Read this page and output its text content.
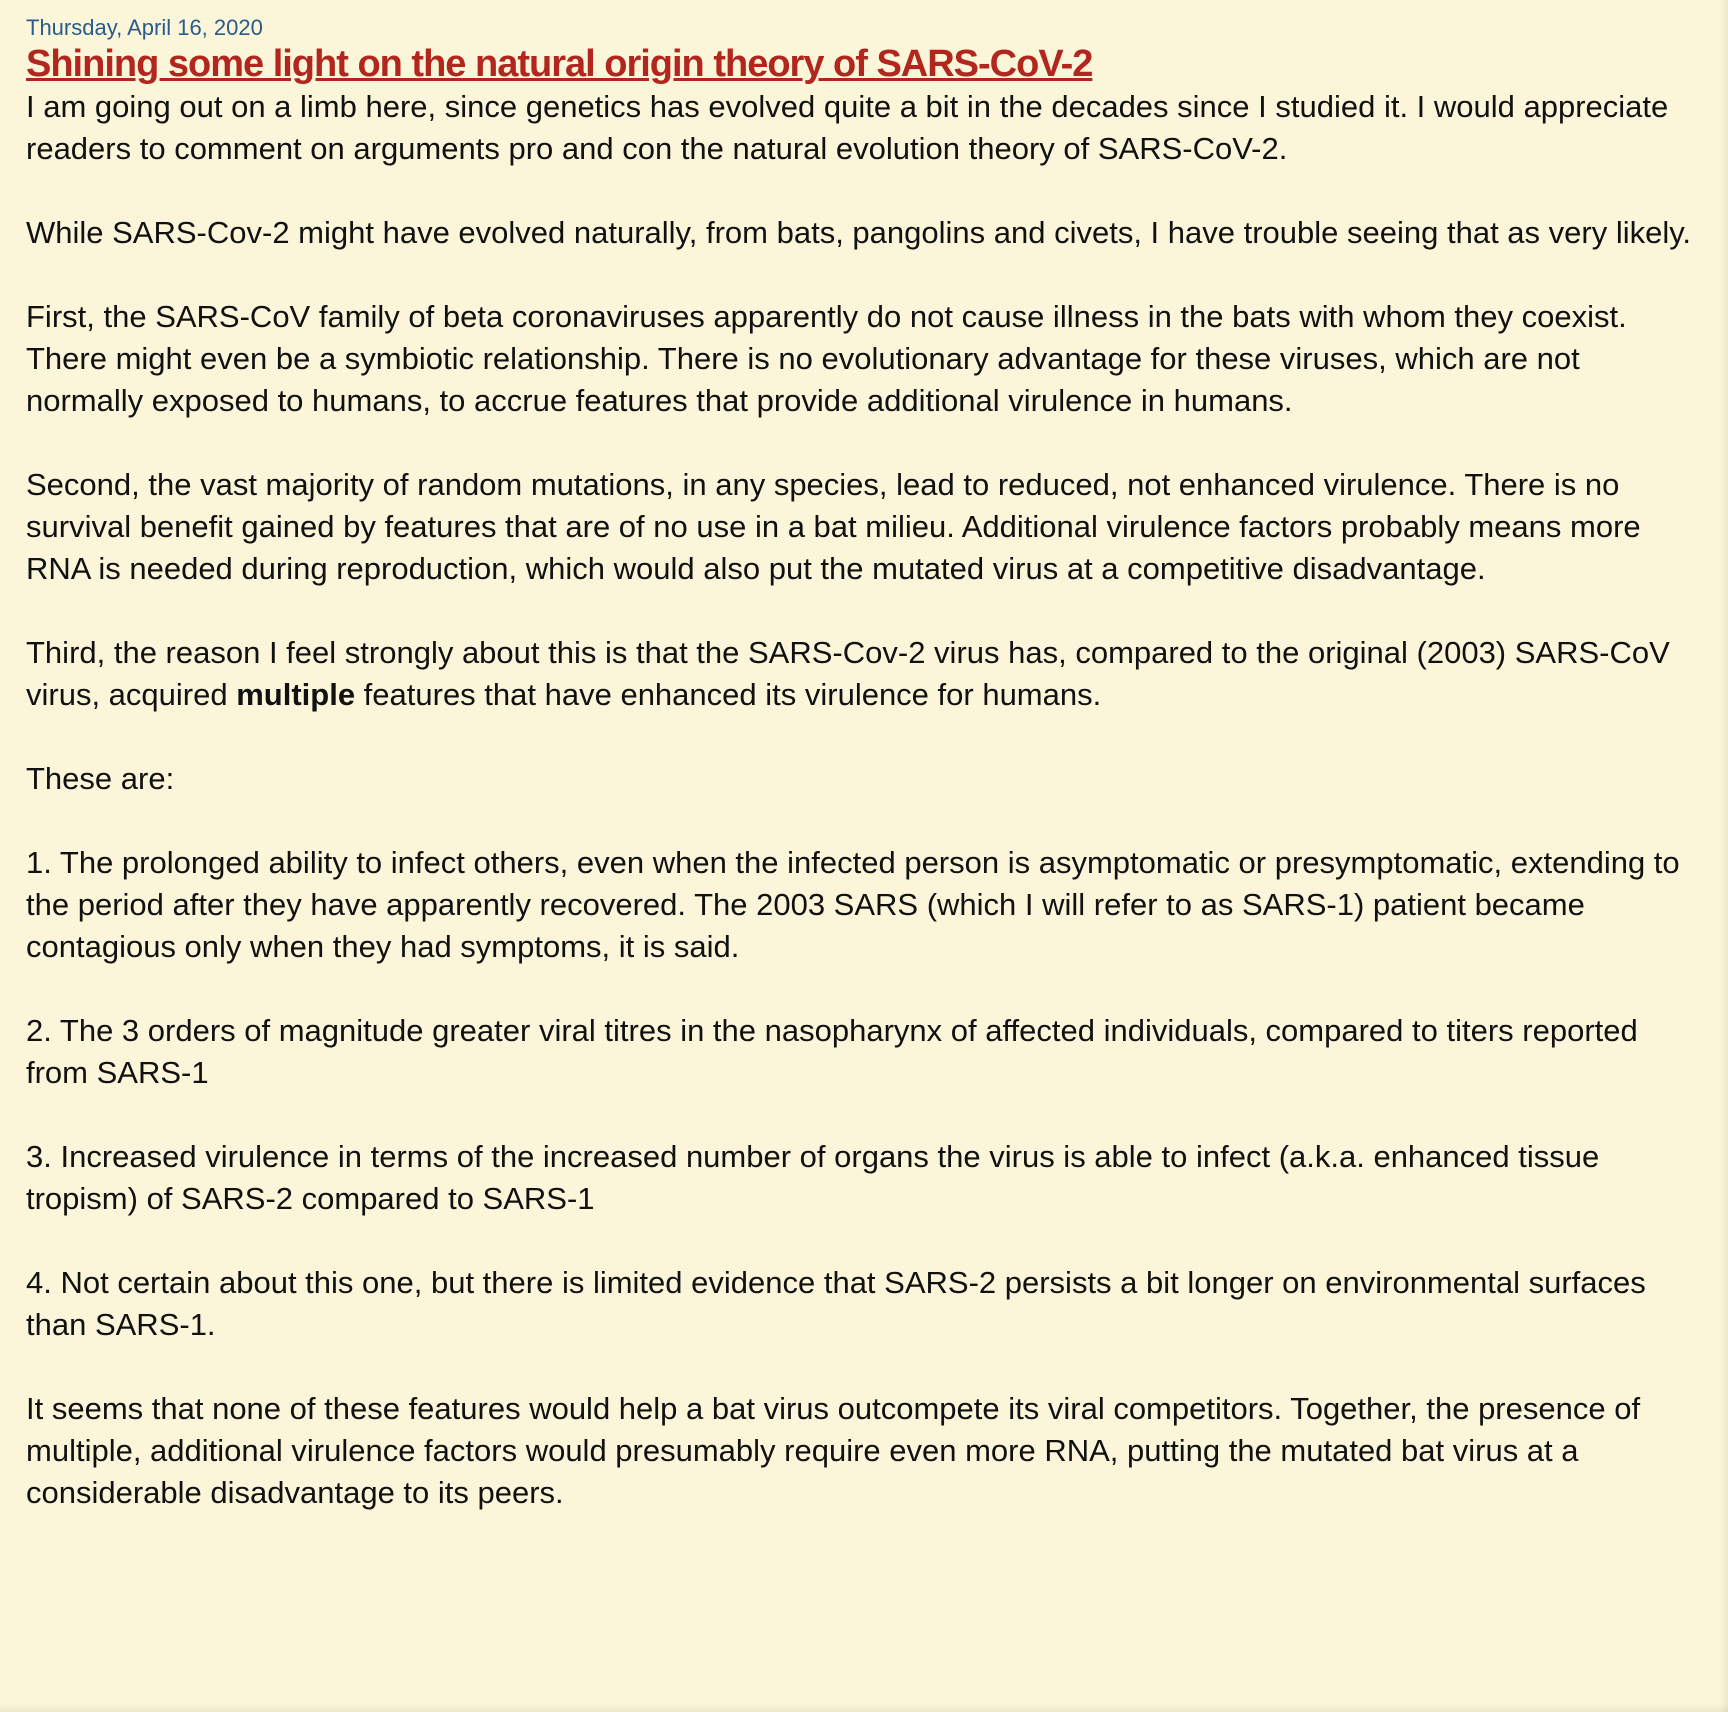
Thursday, April 16, 2020
Shining some light on the natural origin theory of SARS-CoV-2

I am going out on a limb here, since genetics has evolved quite a bit in the decades since I studied it. I would appreciate readers to comment on arguments pro and con the natural evolution theory of SARS-CoV-2.

While SARS-Cov-2 might have evolved naturally, from bats, pangolins and civets, I have trouble seeing that as very likely.

First, the SARS-CoV family of beta coronaviruses apparently do not cause illness in the bats with whom they coexist. There might even be a symbiotic relationship. There is no evolutionary advantage for these viruses, which are not normally exposed to humans, to accrue features that provide additional virulence in humans.

Second, the vast majority of random mutations, in any species, lead to reduced, not enhanced virulence. There is no survival benefit gained by features that are of no use in a bat milieu. Additional virulence factors probably means more RNA is needed during reproduction, which would also put the mutated virus at a competitive disadvantage.

Third, the reason I feel strongly about this is that the SARS-Cov-2 virus has, compared to the original (2003) SARS-CoV virus, acquired multiple features that have enhanced its virulence for humans.

These are:

1. The prolonged ability to infect others, even when the infected person is asymptomatic or presymptomatic, extending to the period after they have apparently recovered. The 2003 SARS (which I will refer to as SARS-1) patient became contagious only when they had symptoms, it is said.

2. The 3 orders of magnitude greater viral titres in the nasopharynx of affected individuals, compared to titers reported from SARS-1

3. Increased virulence in terms of the increased number of organs the virus is able to infect (a.k.a. enhanced tissue tropism) of SARS-2 compared to SARS-1

4. Not certain about this one, but there is limited evidence that SARS-2 persists a bit longer on environmental surfaces than SARS-1.

It seems that none of these features would help a bat virus outcompete its viral competitors. Together, the presence of multiple, additional virulence factors would presumably require even more RNA, putting the mutated bat virus at a considerable disadvantage to its peers.
